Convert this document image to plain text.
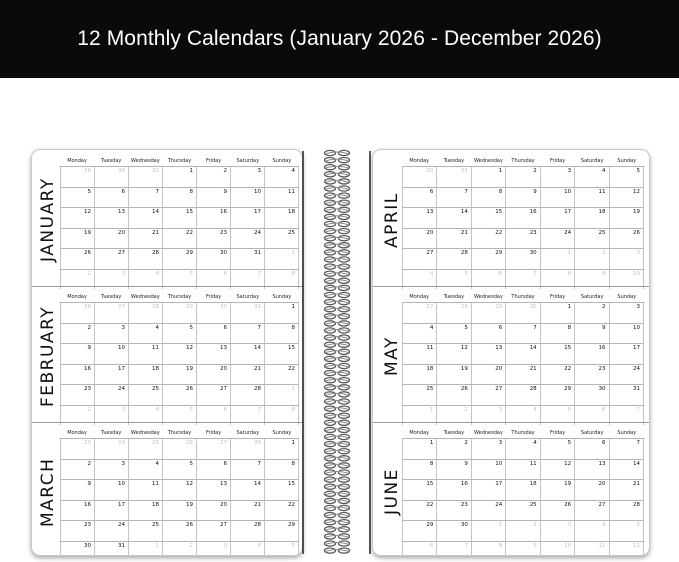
12 Monthly Calendars (January 2026 - December 2026)
JANUARY
Monday	Tuesday	Wednesday	Thursday	Friday	Saturday	Sunday
29	30	31	1	2	3	4
5	6	7	8	9	10	11
12	13	14	15	16	17	18
19	20	21	22	23	24	25
26	27	28	29	30	31	1
2	3	4	5	6	7	8
FEBRUARY
Monday	Tuesday	Wednesday	Thursday	Friday	Saturday	Sunday
26	27	28	29	30	31	1
2	3	4	5	6	7	8
9	10	11	12	13	14	15
16	17	18	19	20	21	22
23	24	25	26	27	28	1
2	3	4	5	6	7	8
MARCH
Monday	Tuesday	Wednesday	Thursday	Friday	Saturday	Sunday
23	24	25	26	27	28	1
2	3	4	5	6	7	8
9	10	11	12	13	14	15
16	17	18	19	20	21	22
23	24	25	26	27	28	29
30	31	1	2	3	4	5
APRIL
Monday	Tuesday	Wednesday	Thursday	Friday	Saturday	Sunday
30	31	1	2	3	4	5
6	7	8	9	10	11	12
13	14	15	16	17	18	19
20	21	22	23	24	25	26
27	28	29	30	1	2	3
4	5	6	7	8	9	10
MAY
Monday	Tuesday	Wednesday	Thursday	Friday	Saturday	Sunday
27	28	29	30	1	2	3
4	5	6	7	8	9	10
11	12	13	14	15	16	17
18	19	20	21	22	23	24
25	26	27	28	29	30	31
1	2	3	4	5	6	7
JUNE
Monday	Tuesday	Wednesday	Thursday	Friday	Saturday	Sunday
1	2	3	4	5	6	7
8	9	10	11	12	13	14
15	16	17	18	19	20	21
22	23	24	25	26	27	28
29	30	1	2	3	4	5
6	7	8	9	10	11	12
